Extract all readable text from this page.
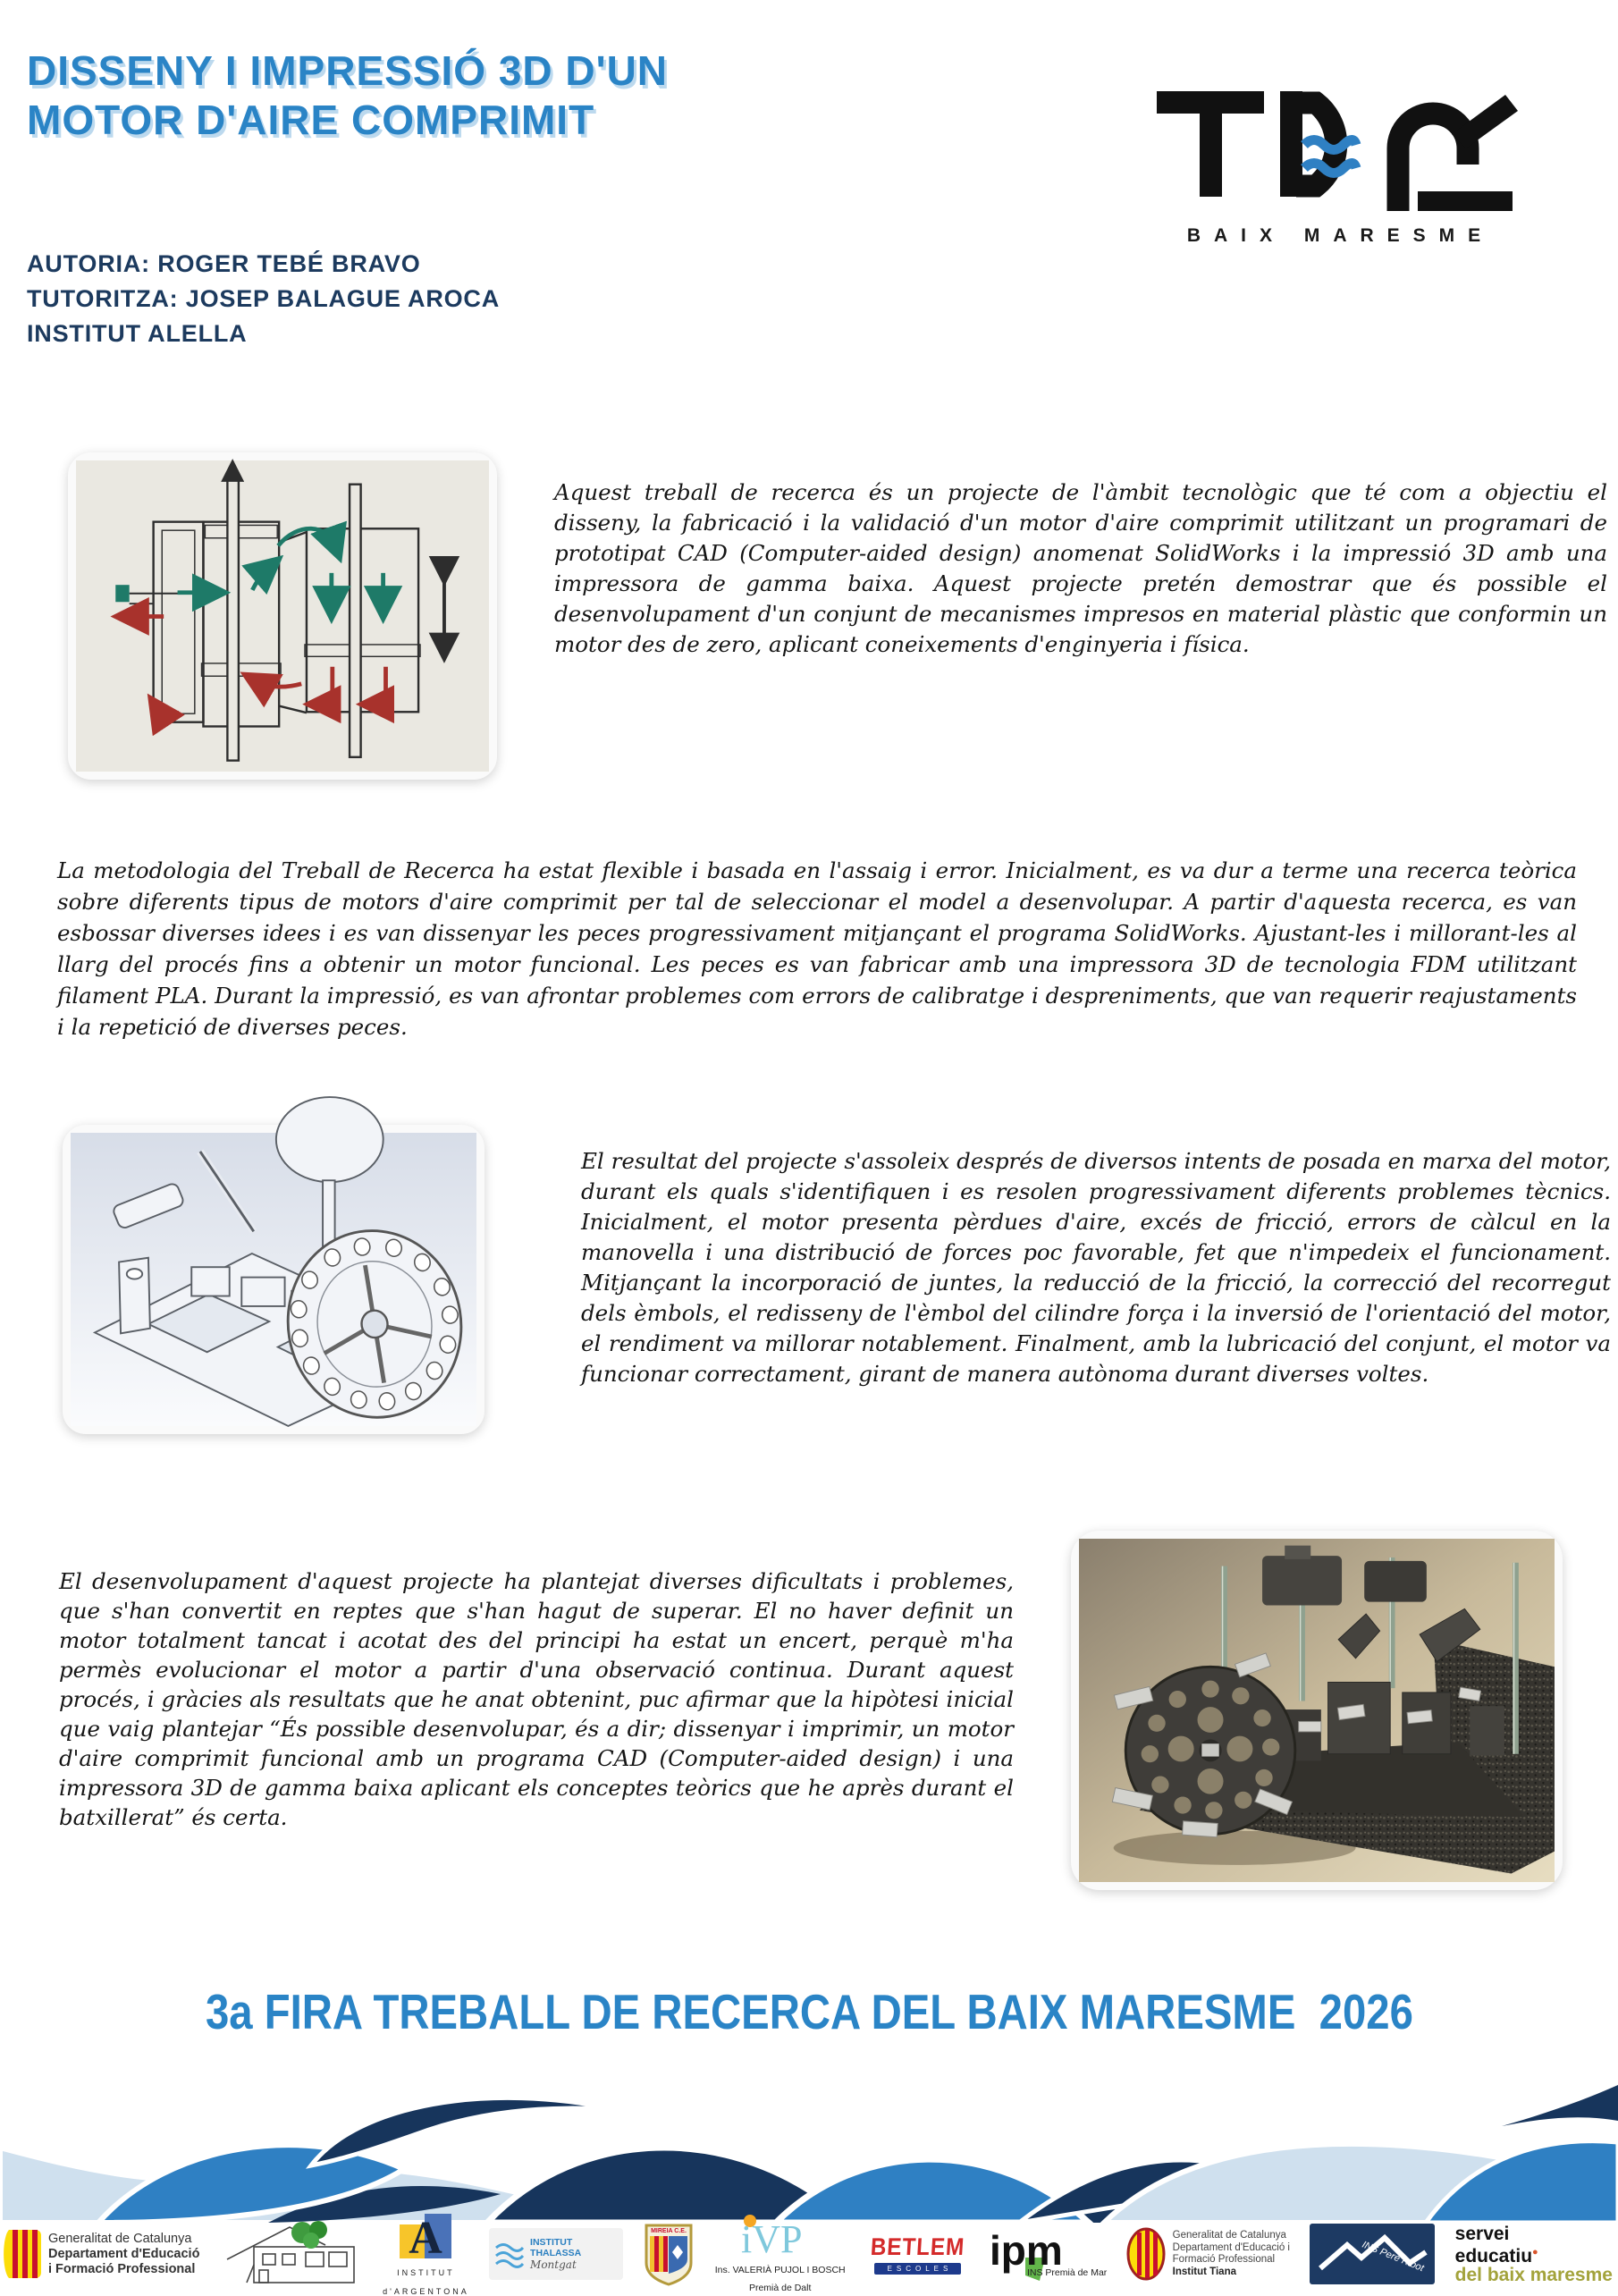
DISSENY I IMPRESSIÓ 3D D'UN MOTOR D'AIRE COMPRIMIT
BAIX MARESME
AUTORIA: ROGER TEBÉ BRAVO
TUTORITZA: JOSEP BALAGUE AROCA
INSTITUT ALELLA

Aquest treball de recerca és un projecte de l'àmbit tecnològic que té com a objectiu el disseny, la fabricació i la validació d'un motor d'aire comprimit utilitzant un programari de prototipat CAD (Computer-aided design) anomenat SolidWorks i la impressió 3D amb una impressora de gamma baixa. Aquest projecte pretén demostrar que és possible el desenvolupament d'un conjunt de mecanismes impresos en material plàstic que conformin un motor des de zero, aplicant coneixements d'enginyeria i física.

La metodologia del Treball de Recerca ha estat flexible i basada en l'assaig i error. Inicialment, es va dur a terme una recerca teòrica sobre diferents tipus de motors d'aire comprimit per tal de seleccionar el model a desenvolupar. A partir d'aquesta recerca, es van esbossar diverses idees i es van dissenyar les peces progressivament mitjançant el programa SolidWorks. Ajustant-les i millorant-les al llarg del procés fins a obtenir un motor funcional. Les peces es van fabricar amb una impressora 3D de tecnologia FDM utilitzant filament PLA. Durant la impressió, es van afrontar problemes com errors de calibratge i despreniments, que van requerir reajustaments i la repetició de diverses peces.

El resultat del projecte s'assoleix després de diversos intents de posada en marxa del motor, durant els quals s'identifiquen i es resolen progressivament diferents problemes tècnics. Inicialment, el motor presenta pèrdues d'aire, excés de fricció, errors de càlcul en la manovella i una distribució de forces poc favorable, fet que n'impedeix el funcionament. Mitjançant la incorporació de juntes, la reducció de la fricció, la correcció del recorregut dels èmbols, el redisseny de l'èmbol del cilindre força i la inversió de l'orientació del motor, el rendiment va millorar notablement. Finalment, amb la lubricació del conjunt, el motor va funcionar correctament, girant de manera autònoma durant diverses voltes.

El desenvolupament d'aquest projecte ha plantejat diverses dificultats i problemes, que s'han convertit en reptes que s'han hagut de superar. El no haver definit un motor totalment tancat i acotat des del principi ha estat un encert, perquè m'ha permès evolucionar el motor a partir d'una observació continua. Durant aquest procés, i gràcies als resultats que he anat obtenint, puc afirmar que la hipòtesi inicial que vaig plantejar “És possible desenvolupar, és a dir; dissenyar i imprimir, un motor d'aire comprimit funcional amb un programa CAD (Computer-aided design) i una impressora 3D de gamma baixa aplicant els conceptes teòrics que he après durant el batxillerat” és certa.

3a FIRA TREBALL DE RECERCA DEL BAIX MARESME  2026
Generalitat de Catalunya
Departament d'Educació
i Formació Professional
A
INSTITUT
d'ARGENTONA
INSTITUT THALASSA
Montgat
MIREIA C.E. iVP
Ins. VALERIÀ PUJOL I BOSCH
Premià de Dalt
BETLEM
ESCOLES ipm
INS Premià de Mar
Generalitat de Catalunya
Departament d'Educació i
Formació Professional
Institut Tiana	INS Pere Ribot
servei
educatiu●
del baix maresme
